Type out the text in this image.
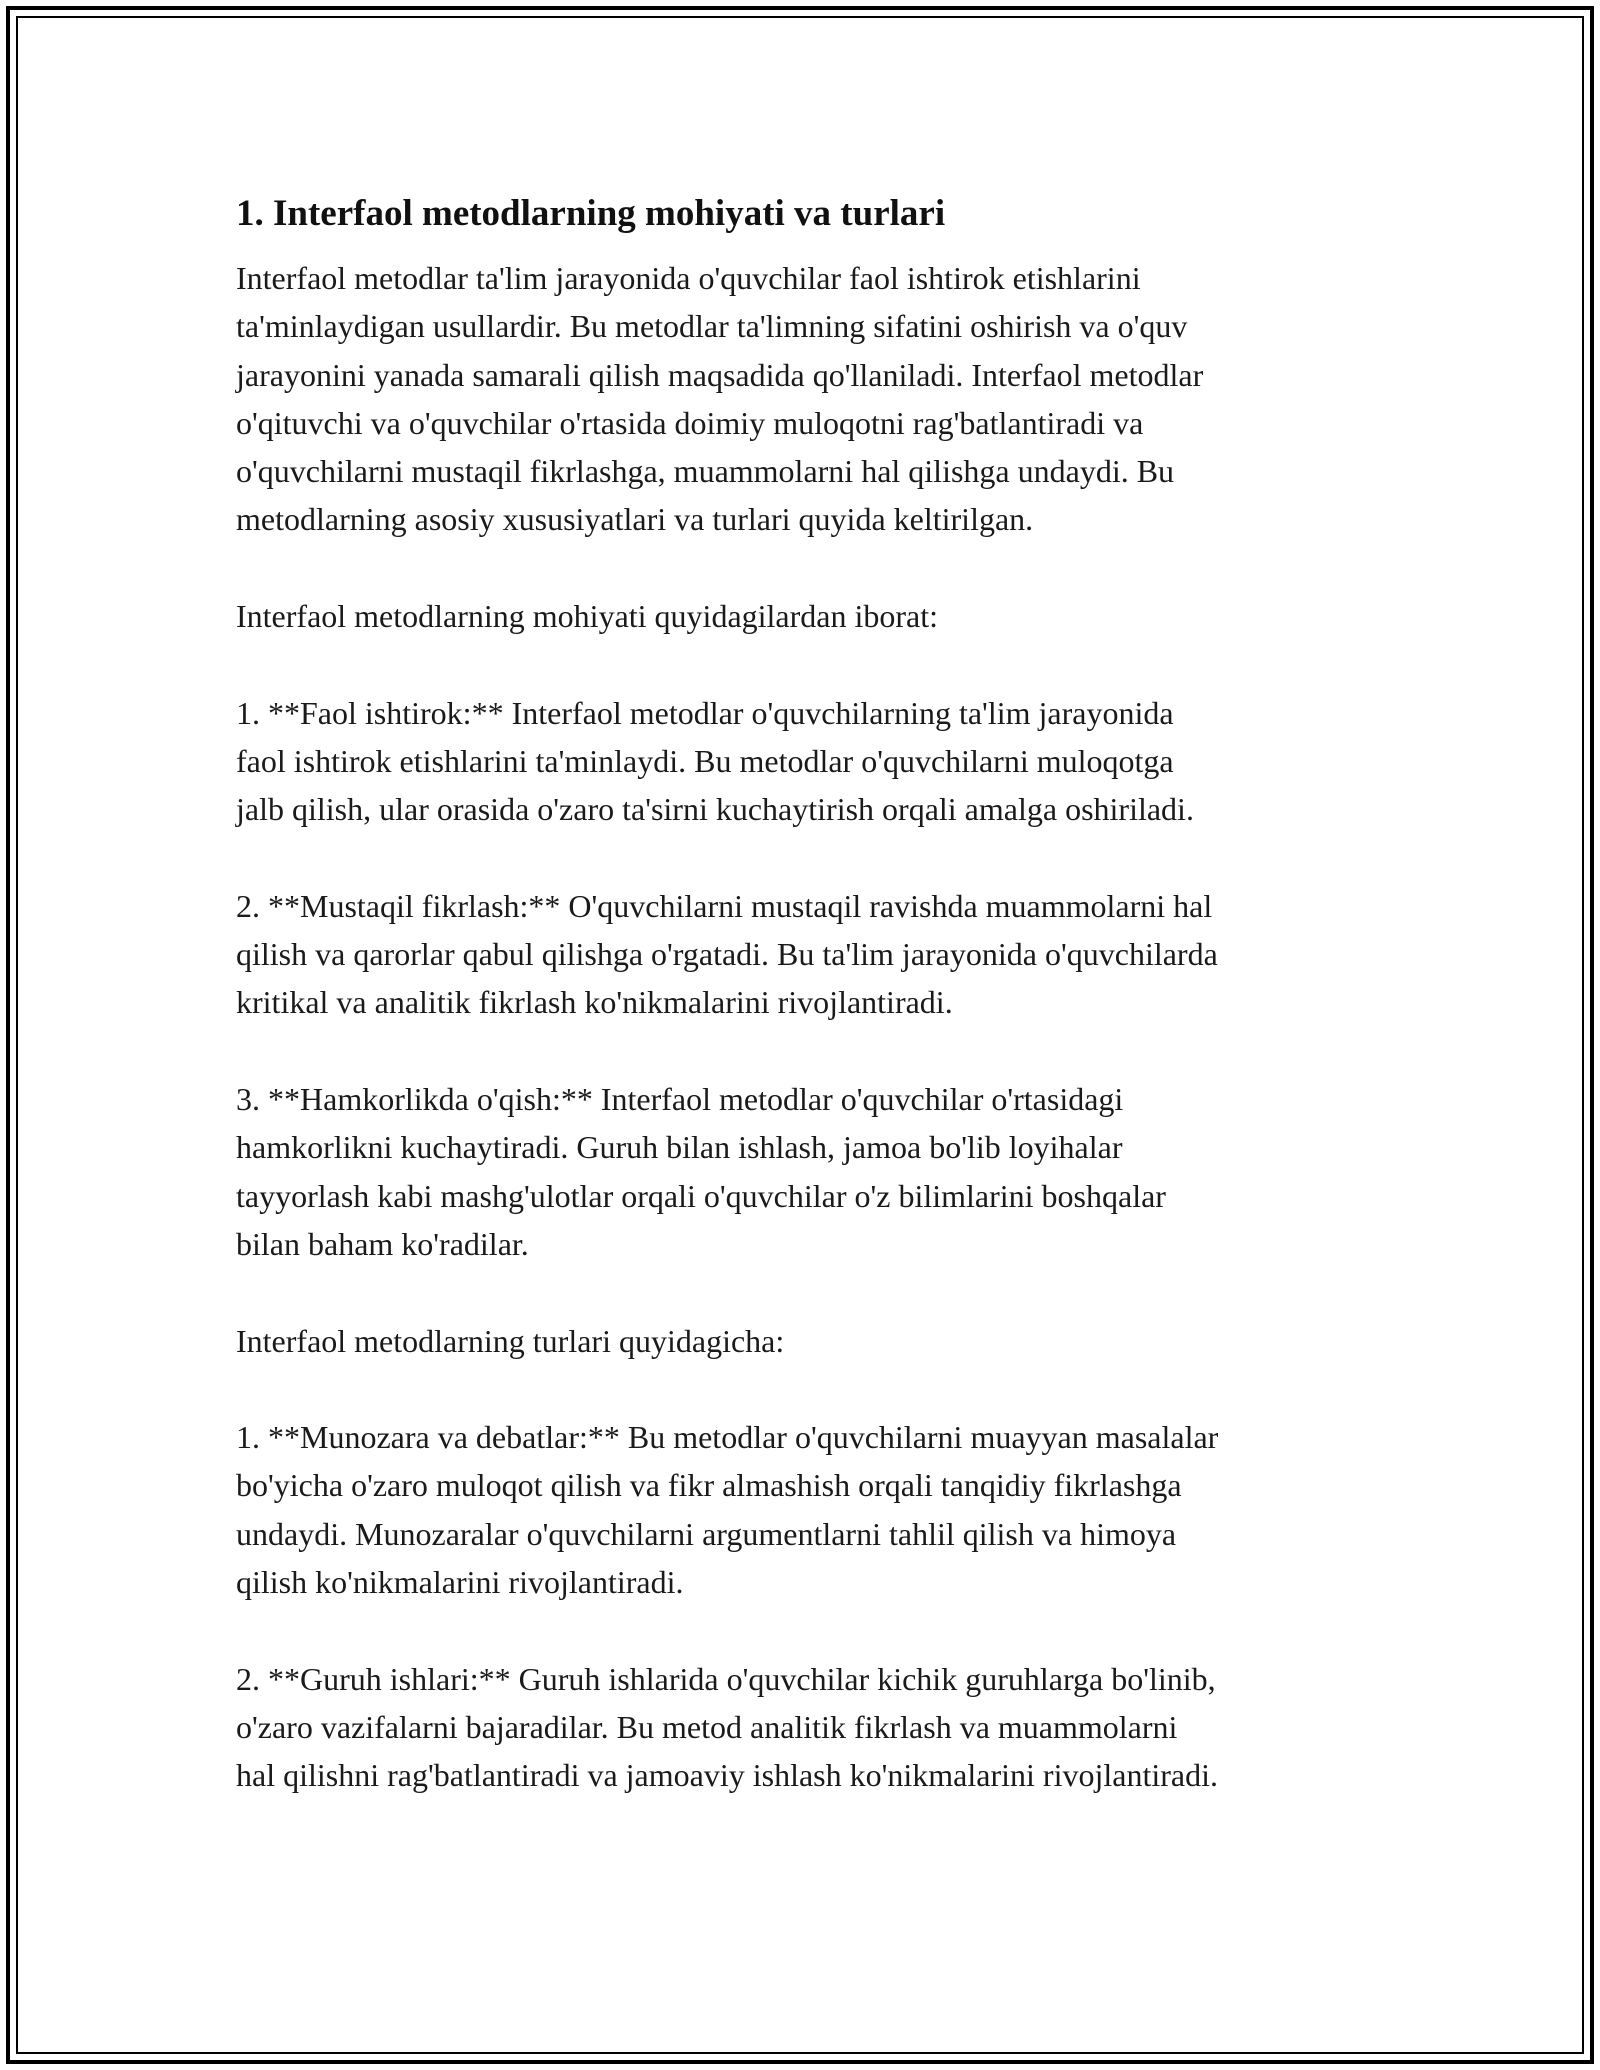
1. Interfaol metodlarning mohiyati va turlari

Interfaol metodlar ta'lim jarayonida o'quvchilar faol ishtirok etishlarini
ta'minlaydigan usullardir. Bu metodlar ta'limning sifatini oshirish va o'quv
jarayonini yanada samarali qilish maqsadida qo'llaniladi. Interfaol metodlar
o'qituvchi va o'quvchilar o'rtasida doimiy muloqotni rag'batlantiradi va
o'quvchilarni mustaqil fikrlashga, muammolarni hal qilishga undaydi. Bu
metodlarning asosiy xususiyatlari va turlari quyida keltirilgan.

Interfaol metodlarning mohiyati quyidagilardan iborat:

1. **Faol ishtirok:** Interfaol metodlar o'quvchilarning ta'lim jarayonida
faol ishtirok etishlarini ta'minlaydi. Bu metodlar o'quvchilarni muloqotga
jalb qilish, ular orasida o'zaro ta'sirni kuchaytirish orqali amalga oshiriladi.

2. **Mustaqil fikrlash:** O'quvchilarni mustaqil ravishda muammolarni hal
qilish va qarorlar qabul qilishga o'rgatadi. Bu ta'lim jarayonida o'quvchilarda
kritikal va analitik fikrlash ko'nikmalarini rivojlantiradi.

3. **Hamkorlikda o'qish:** Interfaol metodlar o'quvchilar o'rtasidagi
hamkorlikni kuchaytiradi. Guruh bilan ishlash, jamoa bo'lib loyihalar
tayyorlash kabi mashg'ulotlar orqali o'quvchilar o'z bilimlarini boshqalar
bilan baham ko'radilar.

Interfaol metodlarning turlari quyidagicha:

1. **Munozara va debatlar:** Bu metodlar o'quvchilarni muayyan masalalar
bo'yicha o'zaro muloqot qilish va fikr almashish orqali tanqidiy fikrlashga
undaydi. Munozaralar o'quvchilarni argumentlarni tahlil qilish va himoya
qilish ko'nikmalarini rivojlantiradi.

2. **Guruh ishlari:** Guruh ishlarida o'quvchilar kichik guruhlarga bo'linib,
o'zaro vazifalarni bajaradilar. Bu metod analitik fikrlash va muammolarni
hal qilishni rag'batlantiradi va jamoaviy ishlash ko'nikmalarini rivojlantiradi.
